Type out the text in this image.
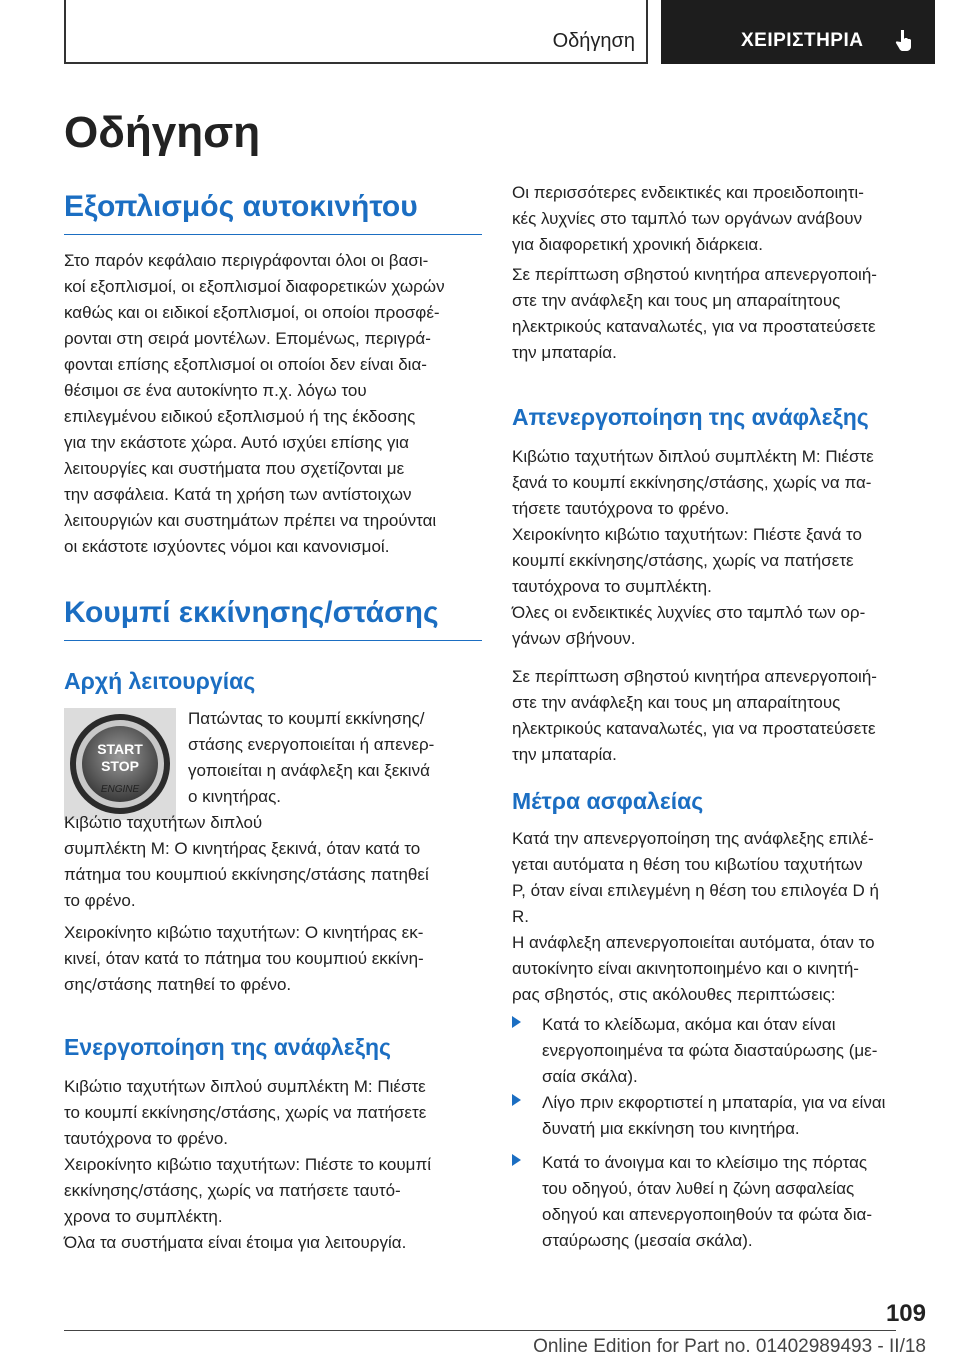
Οδήγηση	ΧΕΙΡΙΣΤΗΡΙΑ
Οδήγηση
Εξοπλισμός αυτοκινήτου
Στο παρόν κεφάλαιο περιγράφονται όλοι οι βασι-
κοί εξοπλισμοί, οι εξοπλισμοί διαφορετικών χωρών
καθώς και οι ειδικοί εξοπλισμοί, οι οποίοι προσφέ-
ρονται στη σειρά μοντέλων. Επομένως, περιγρά-
φονται επίσης εξοπλισμοί οι οποίοι δεν είναι δια-
θέσιμοι σε ένα αυτοκίνητο π.χ. λόγω του
επιλεγμένου ειδικού εξοπλισμού ή της έκδοσης
για την εκάστοτε χώρα. Αυτό ισχύει επίσης για
λειτουργίες και συστήματα που σχετίζονται με
την ασφάλεια. Κατά τη χρήση των αντίστοιχων
λειτουργιών και συστημάτων πρέπει να τηρούνται
οι εκάστοτε ισχύοντες νόμοι και κανονισμοί.
Κουμπί εκκίνησης/στάσης
Αρχή λειτουργίας
START
STOP
ENGINE
Πατώντας το κουμπί εκκίνησης/
στάσης ενεργοποιείται ή απενερ-
γοποιείται η ανάφλεξη και ξεκινά
ο κινητήρας.
Κιβώτιο ταχυτήτων διπλού
συμπλέκτη M: Ο κινητήρας ξεκινά, όταν κατά το
πάτημα του κουμπιού εκκίνησης/στάσης πατηθεί
το φρένο.
Χειροκίνητο κιβώτιο ταχυτήτων: Ο κινητήρας εκ-
κινεί, όταν κατά το πάτημα του κουμπιού εκκίνη-
σης/στάσης πατηθεί το φρένο.
Ενεργοποίηση της ανάφλεξης
Κιβώτιο ταχυτήτων διπλού συμπλέκτη M: Πιέστε
το κουμπί εκκίνησης/στάσης, χωρίς να πατήσετε
ταυτόχρονα το φρένο.
Χειροκίνητο κιβώτιο ταχυτήτων: Πιέστε το κουμπί
εκκίνησης/στάσης, χωρίς να πατήσετε ταυτό-
χρονα το συμπλέκτη.
Όλα τα συστήματα είναι έτοιμα για λειτουργία.
Οι περισσότερες ενδεικτικές και προειδοποιητι-
κές λυχνίες στο ταμπλό των οργάνων ανάβουν
για διαφορετική χρονική διάρκεια.
Σε περίπτωση σβηστού κινητήρα απενεργοποιή-
στε την ανάφλεξη και τους μη απαραίτητους
ηλεκτρικούς καταναλωτές, για να προστατεύσετε
την μπαταρία.
Απενεργοποίηση της ανάφλεξης
Κιβώτιο ταχυτήτων διπλού συμπλέκτη M: Πιέστε
ξανά το κουμπί εκκίνησης/στάσης, χωρίς να πα-
τήσετε ταυτόχρονα το φρένο.
Χειροκίνητο κιβώτιο ταχυτήτων: Πιέστε ξανά το
κουμπί εκκίνησης/στάσης, χωρίς να πατήσετε
ταυτόχρονα το συμπλέκτη.
Όλες οι ενδεικτικές λυχνίες στο ταμπλό των ορ-
γάνων σβήνουν.
Σε περίπτωση σβηστού κινητήρα απενεργοποιή-
στε την ανάφλεξη και τους μη απαραίτητους
ηλεκτρικούς καταναλωτές, για να προστατεύσετε
την μπαταρία.
Μέτρα ασφαλείας
Κατά την απενεργοποίηση της ανάφλεξης επιλέ-
γεται αυτόματα η θέση του κιβωτίου ταχυτήτων
P, όταν είναι επιλεγμένη η θέση του επιλογέα D ή
R.
Η ανάφλεξη απενεργοποιείται αυτόματα, όταν το
αυτοκίνητο είναι ακινητοποιημένο και ο κινητή-
ρας σβηστός, στις ακόλουθες περιπτώσεις:
Κατά το κλείδωμα, ακόμα και όταν είναι
ενεργοποιημένα τα φώτα διασταύρωσης (με-
σαία σκάλα).
Λίγο πριν εκφορτιστεί η μπαταρία, για να είναι
δυνατή μια εκκίνηση του κινητήρα.
Κατά το άνοιγμα και το κλείσιμο της πόρτας
του οδηγού, όταν λυθεί η ζώνη ασφαλείας
οδηγού και απενεργοποιηθούν τα φώτα δια-
σταύρωσης (μεσαία σκάλα).
109
Online Edition for Part no. 01402989493 - II/18
